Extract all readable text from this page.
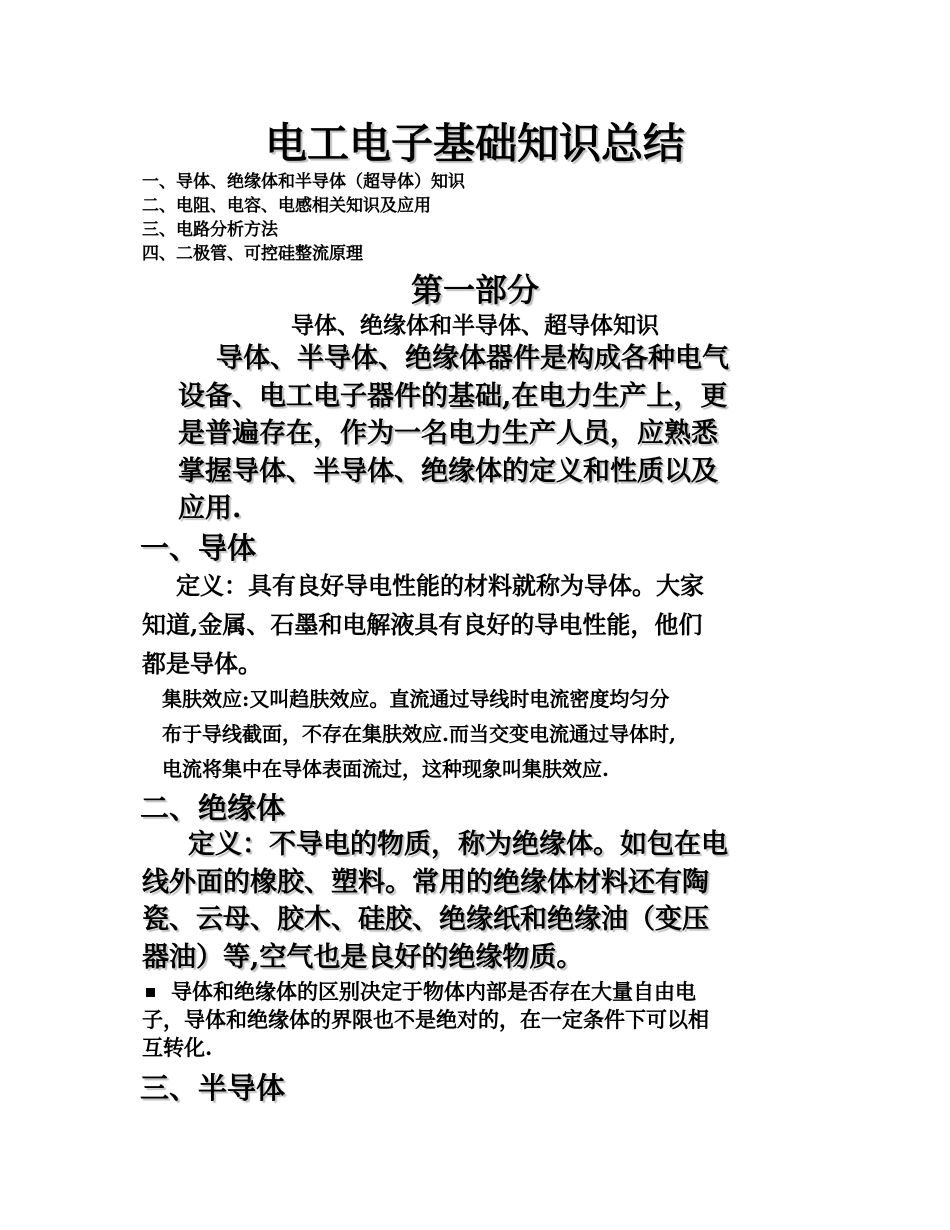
电工电子基础知识总结
一、导体、绝缘体和半导体（超导体）知识
二、电阻、电容、电感相关知识及应用
三、电路分析方法
四、二极管、可控硅整流原理
第一部分
导体、绝缘体和半导体、超导体知识
导体、半导体、绝缘体器件是构成各种电气
设备、电工电子器件的基础,在电力生产上，更
是普遍存在，作为一名电力生产人员，应熟悉
掌握导体、半导体、绝缘体的定义和性质以及
应用.
一、导体
定义：具有良好导电性能的材料就称为导体。大家
知道,金属、石墨和电解液具有良好的导电性能，他们
都是导体。
集肤效应:又叫趋肤效应。直流通过导线时电流密度均匀分
布于导线截面，不存在集肤效应.而当交变电流通过导体时,
电流将集中在导体表面流过，这种现象叫集肤效应.
二、绝缘体
定义：不导电的物质，称为绝缘体。如包在电
线外面的橡胶、塑料。常用的绝缘体材料还有陶
瓷、云母、胶木、硅胶、绝缘纸和绝缘油（变压
器油）等,空气也是良好的绝缘物质。
导体和绝缘体的区别决定于物体内部是否存在大量自由电
子，导体和绝缘体的界限也不是绝对的，在一定条件下可以相
互转化.
三、半导体
